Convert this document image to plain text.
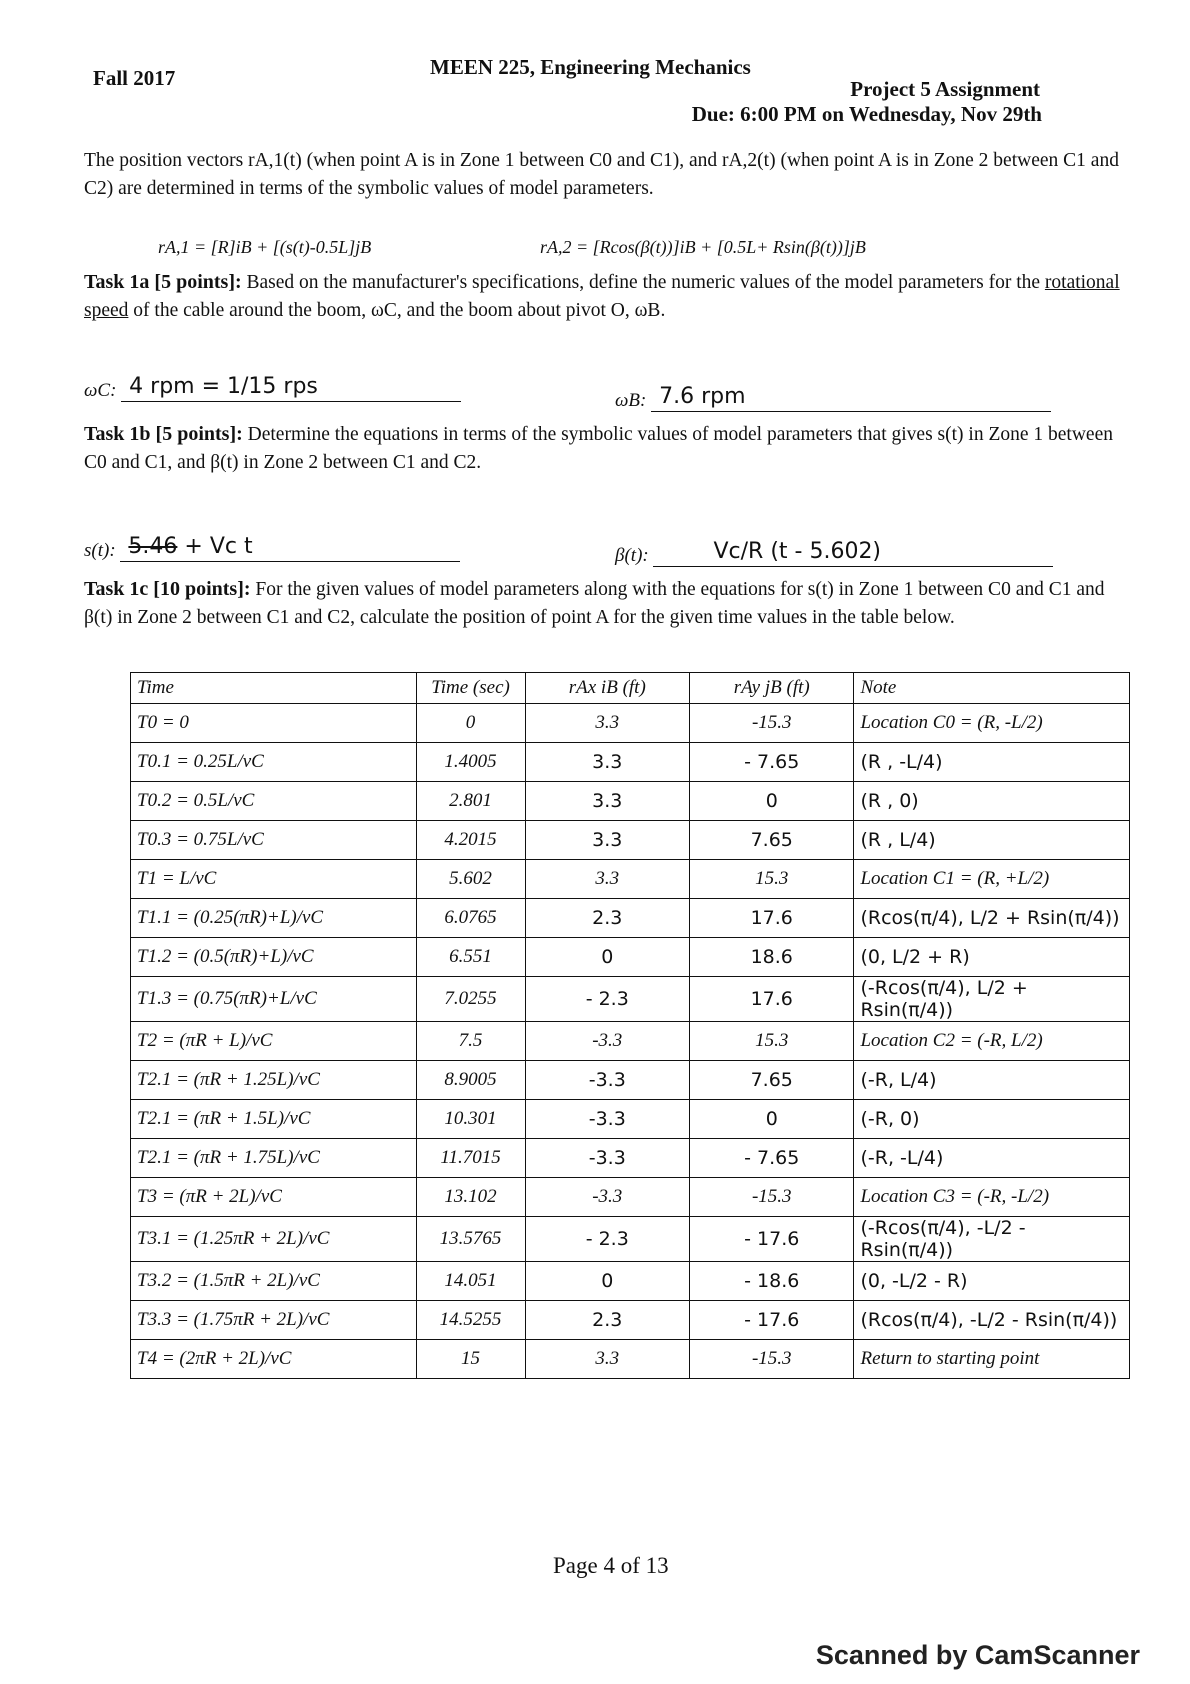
Fall 2017	MEEN 225, Engineering Mechanics
Project 5 Assignment
Due: 6:00 PM on Wednesday, Nov 29th
The position vectors rA,1(t) (when point A is in Zone 1 between C0 and C1), and rA,2(t) (when point A is in Zone 2 between C1 and C2) are determined in terms of the symbolic values of model parameters.
rA,1 = [R]iB + [(s(t)-0.5L]jB	rA,2 = [Rcos(β(t))]iB + [0.5L+ Rsin(β(t))]jB
Task 1a [5 points]: Based on the manufacturer's specifications, define the numeric values of the model parameters for the rotational speed of the cable around the boom, ωC, and the boom about pivot O, ωB.
ωC: 4 rpm = 1/15 rps
ωB: 7.6 rpm
Task 1b [5 points]: Determine the equations in terms of the symbolic values of model parameters that gives s(t) in Zone 1 between C0 and C1, and β(t) in Zone 2 between C1 and C2.
s(t): 5.46 + Vc t	β(t):	Vc/R (t - 5.602)
Task 1c [10 points]: For the given values of model parameters along with the equations for s(t) in Zone 1 between C0 and C1 and β(t) in Zone 2 between C1 and C2, calculate the position of point A for the given time values in the table below.
Time	Time (sec)	rAx iB (ft)	rAy jB (ft)	Note
T0 = 0	0	3.3	-15.3	Location C0 = (R, -L/2)
T0.1 = 0.25L/vC	1.4005	3.3	- 7.65	(R , -L/4)
T0.2 = 0.5L/vC	2.801	3.3	0	(R , 0)
T0.3 = 0.75L/vC	4.2015	3.3	7.65	(R , L/4)
T1 = L/vC	5.602	3.3	15.3	Location C1 = (R, +L/2)
T1.1 = (0.25(πR)+L)/vC	6.0765	2.3	17.6	(Rcos(π/4), L/2 + Rsin(π/4))
T1.2 = (0.5(πR)+L)/vC	6.551	0	18.6	(0, L/2 + R)
T1.3 = (0.75(πR)+L/vC	7.0255	- 2.3	17.6	(-Rcos(π/4), L/2 + Rsin(π/4))
T2 = (πR + L)/vC	7.5	-3.3	15.3	Location C2 = (-R, L/2)
T2.1 = (πR + 1.25L)/vC	8.9005	-3.3	7.65	(-R, L/4)
T2.1 = (πR + 1.5L)/vC	10.301	-3.3	0	(-R, 0)
T2.1 = (πR + 1.75L)/vC	11.7015	-3.3	- 7.65	(-R, -L/4)
T3 = (πR + 2L)/vC	13.102	-3.3	-15.3	Location C3 = (-R, -L/2)
T3.1 = (1.25πR + 2L)/vC	13.5765	- 2.3	- 17.6	(-Rcos(π/4), -L/2 - Rsin(π/4))
T3.2 = (1.5πR + 2L)/vC	14.051	0	- 18.6	(0, -L/2 - R)
T3.3 = (1.75πR + 2L)/vC	14.5255	2.3	- 17.6	(Rcos(π/4), -L/2 - Rsin(π/4))
T4 = (2πR + 2L)/vC	15	3.3	-15.3	Return to starting point
Page 4 of 13
Scanned by CamScanner
